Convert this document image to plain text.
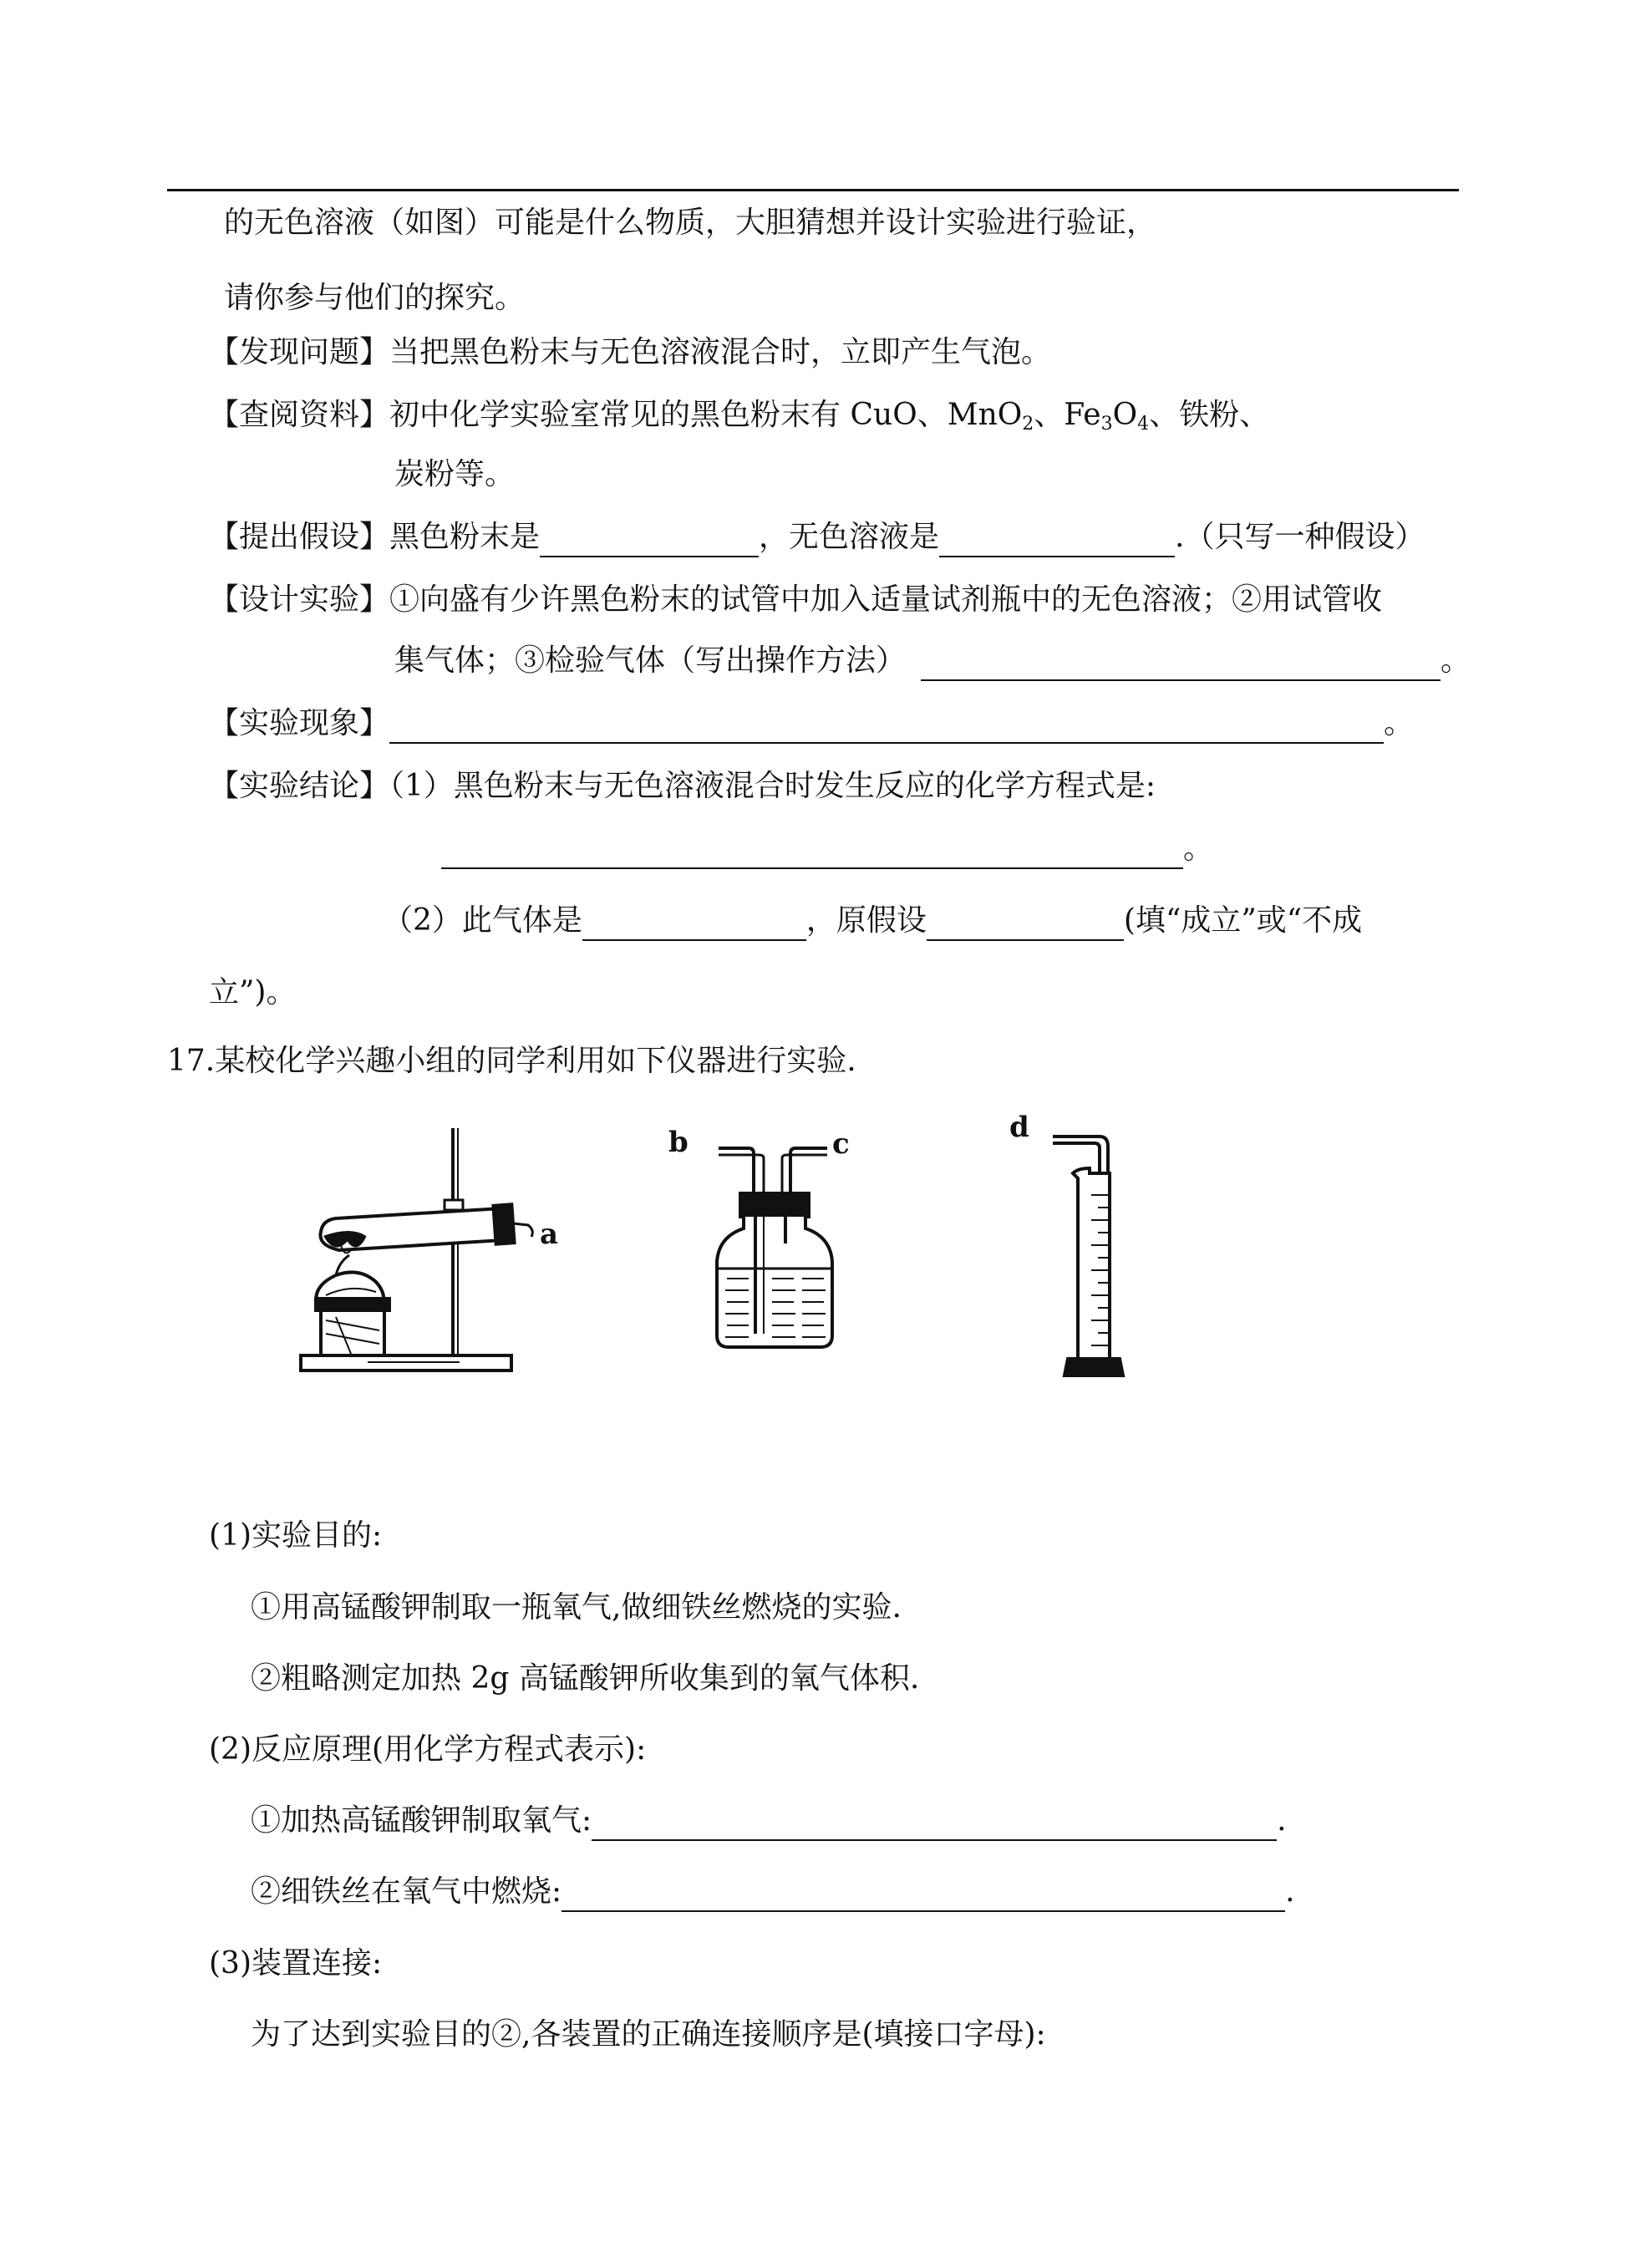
的无色溶液（如图）可能是什么物质，大胆猜想并设计实验进行验证，
请你参与他们的探究。
【发现问题】当把黑色粉末与无色溶液混合时，立即产生气泡。
【查阅资料】初中化学实验室常见的黑色粉末有 CuO、MnO$_2$、$Fe_3O_4$、铁粉、
炭粉等。
【提出假设】黑色粉末是	，无色溶液是	.（只写一种假设）
【设计实验】①向盛有少许黑色粉末的试管中加入适量试剂瓶中的无色溶液；②用试管收
集气体；③检验气体（写出操作方法）	。
【实验现象】	。
【实验结论】（1）黑色粉末与无色溶液混合时发生反应的化学方程式是:
。
（2）此气体是	，原假设	(填“成立”或“不成
立”)。
17.某校化学兴趣小组的同学利用如下仪器进行实验.
a
b	c	d
(1)实验目的:
①用高锰酸钾制取一瓶氧气,做细铁丝燃烧的实验.
②粗略测定加热 2g 高锰酸钾所收集到的氧气体积.
(2)反应原理(用化学方程式表示):
①加热高锰酸钾制取氧气:	.
②细铁丝在氧气中燃烧:	.
(3)装置连接:
为了达到实验目的②,各装置的正确连接顺序是(填接口字母):
